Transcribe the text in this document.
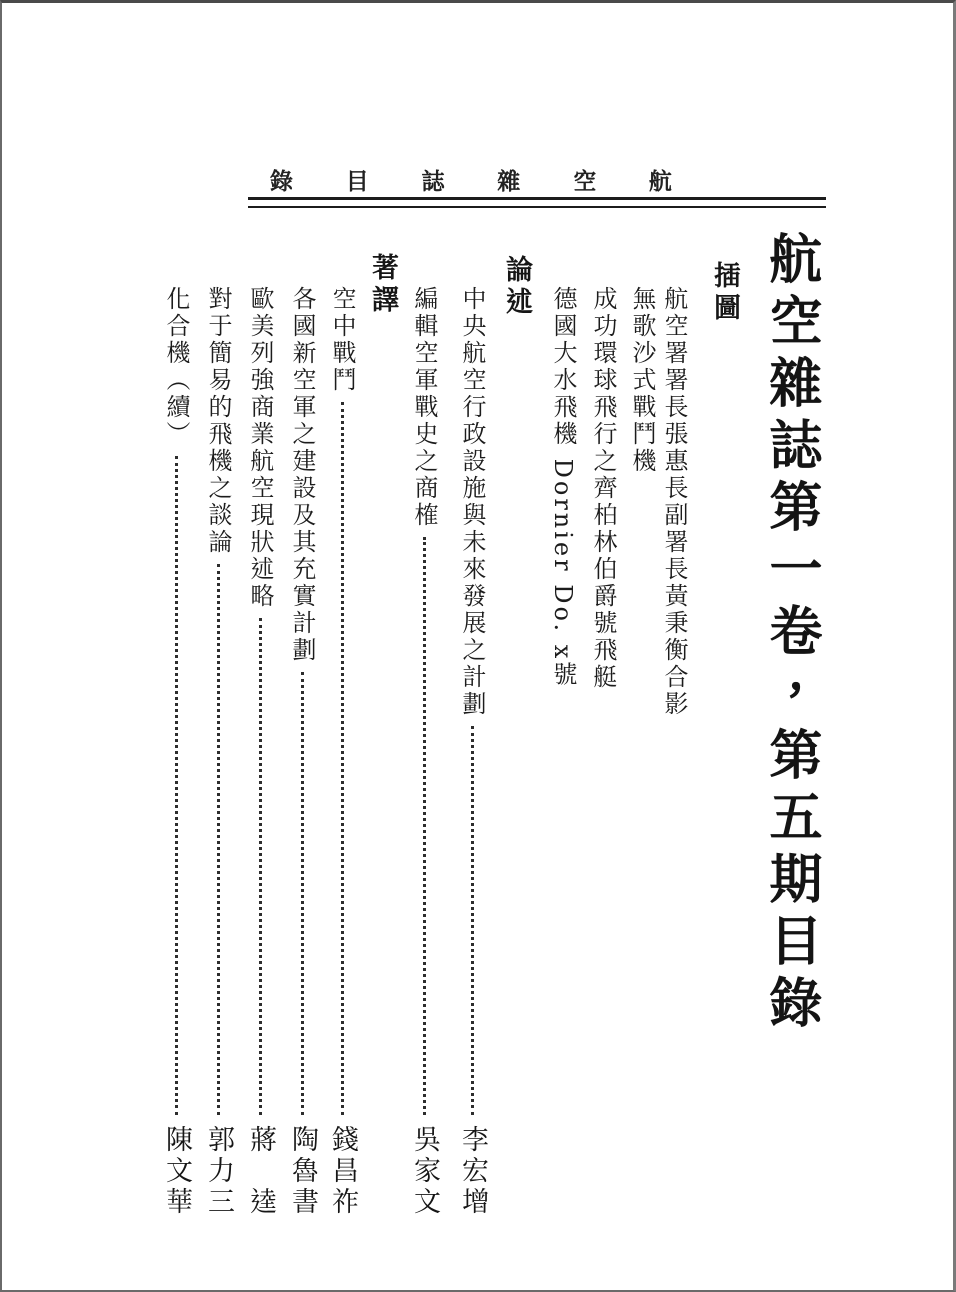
航
空
雜
誌
目
錄
航空雜誌第一卷，第五期目錄
插圖
航空署署長張惠長副署長黃秉衡合影
無歌沙式戰鬥機
成功環球飛行之齊柏林伯爵號飛艇
德國大水飛機 Dornier Do. x號
論述
中央航空行政設施與未來發展之計劃
李宏增
編輯空軍戰史之商榷
吳家文
著譯
空中戰鬥
錢昌祚
各國新空軍之建設及其充實計劃
陶魯書
歐美列強商業航空現狀述略
蔣　逵
對于簡易的飛機之談論
郭力三
化合機（續）
陳文華
